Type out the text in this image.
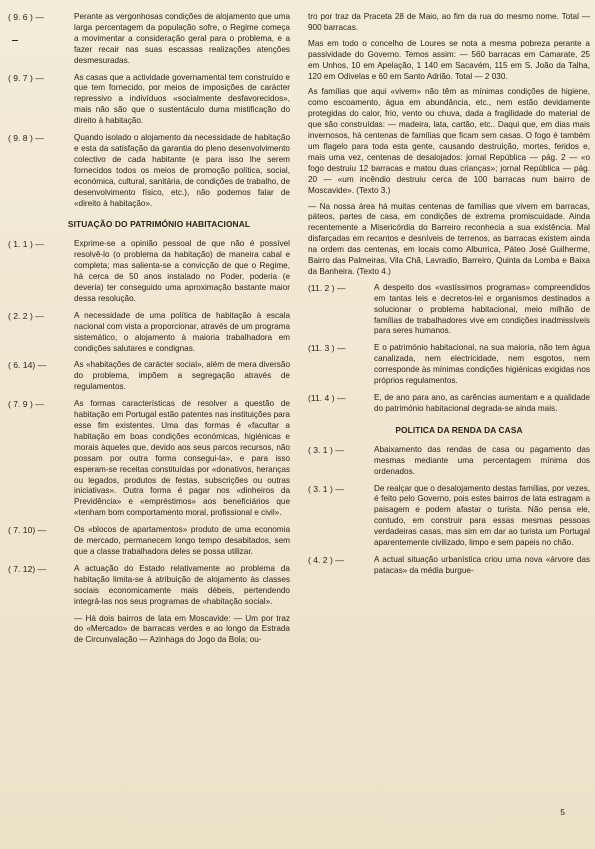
( 9. 6 ) —	Perante as vergonhosas condições de alojamento que uma larga percentagem da população sofre, o Regime começa a movimentar a consideração geral para o problema, e a fazer recair nas suas escassas realizações atenções desmesuradas.
( 9. 7 ) —	As casas que a actividade governamental tem construído e que tem fornecido, por meios de imposições de carácter repressivo a indivíduos «socialmente desfavorecidos», mais não são que o sustentáculo duma mistificação do direito à habitação.
( 9. 8 ) —	Quando isolado o alojamento da necessidade de habitação e esta da satisfação da garantia do pleno desenvolvimento colectivo de cada habitante (e para isso lhe serem fornecidos todos os meios de promoção política, social, económica, cultural, sanitária, de condições de trabalho, de desenvolvimento físico, etc.), não podemos falar de «direito à habitação».
SITUAÇÃO DO PATRIMÓNIO HABITACIONAL
( 1. 1 ) —	Exprime-se a opinião pessoal de que não é possível resolvê-lo (o problema da habitação) de maneira cabal e completa; mas salienta-se a convicção de que o Regime, há cerca de 50 anos instalado no Poder, poderia (e deveria) ter conseguido uma aproximação bastante maior dessa resolução.
( 2. 2 ) —	A necessidade de uma política de habitação à escala nacional com vista a proporcionar, através de um programa sistemático, o alojamento à maioria trabalhadora em condições salutares e condignas.
( 6. 14) —	As «habitações de carácter social», além de mera diversão do problema, impõem a segregação através de regulamentos.
( 7. 9 ) —	As formas características de resolver a questão de habitação em Portugal estão patentes nas instituições para esse fim existentes. Uma das formas é «facultar a habitação em boas condições económicas, higiénicas e morais àqueles que, devido aos seus parcos recursos, não possam por outra forma consegui-la», e para isso esperam-se receitas constituídas por «donativos, heranças ou legados, produtos de festas, subscrições ou outras iniciativas». Outra forma é pagar nos «dinheiros da Previdência» e «empréstimos» aos beneficiários que «tenham bom comportamento moral, profissional e civil».
( 7. 10) —	Os «blocos de apartamentos» produto de uma economia de mercado, permanecem longo tempo desabitados, sem que a classe trabalhadora deles se possa utilizar.
( 7. 12) —	A actuação do Estado relativamente ao problema da habitação limita-se à atribuição de alojamento às classes sociais economicamente mais débeis, pertendendo integrá-las nos seus programas de «habitação social».
— Há dois bairros de lata em Moscavide: — Um por traz do «Mercado» de barracas verdes e ao longo da Estrada de Circunvalação — Azinhaga do Jogo da Bola; ou-
tro por traz da Praceta 28 de Maio, ao fim da rua do mesmo nome. Total — 900 barracas.
Mas em todo o concelho de Loures se nota a mesma pobreza perante a passividade do Governo. Temos assim: — 560 barracas em Camarate, 25 em Unhos, 10 em Apelação, 1 140 em Sacavém, 115 em S. João da Talha, 120 em Odivelas e 60 em Santo Adrião. Total — 2 030.
As famílias que aqui «vivem» não têm as mínimas condições de higiene, como escoamento, água em abundância, etc., nem estão devidamente protegidas do calor, frio, vento ou chuva, dada a fragilidade do material de que são construídas: — madeira, lata, cartão, etc.. Daqui que, em dias mais invernosos, há centenas de famílias que ficam sem casas. O fogo é também um flagelo para toda esta gente, causando destruição, mortes, feridos e, mais uma vez, centenas de desalojados: jornal República — pág. 2 — «o fogo destruiu 12 barracas e matou duas crianças»; jornal República — pág. 20 — «um incêndio destruiu cerca de 100 barracas num bairro de Moscavide». (Texto 3.)
— Na nossa área há muitas centenas de famílias que vivem em barracas, páteos, partes de casa, em condições de extrema promiscuidade. Ainda recentemente a Misericórdia do Barreiro reconhecia a sua existência. Mal disfarçadas em recantos e desníveis de terrenos, as barracas existem ainda na ordem das centenas, em locais como Alburrica, Páteo José Guilherme, Bairro das Palmeiras, Vila Chã, Lavradio, Barreiro, Quinta da Lomba e Baixa da Banheira. (Texto 4.)
(11. 2 ) —	A despeito dos «vastíssimos programas» compreendidos em tantas leis e decretos-lei e organismos destinados a solucionar o problema habitacional, meio milhão de famílias de trabalhadores vive em condições inadmissíveis para seres humanos.
(11. 3 ) —	E o património habitacional, na sua maioria, não tem água canalizada, nem electricidade, nem esgotos, nem corresponde às mínimas condições higiénicas exigidas nos próprios regulamentos.
(11. 4 ) —	E, de ano para ano, as carências aumentam e a qualidade do património habitacional degrada-se ainda mais.
POLITICA DA RENDA DA CASA
( 3. 1 ) —	Abaixamento das rendas de casa ou pagamento das mesmas mediante uma percentagem mínima dos ordenados.
( 3. 1 ) —	De realçar que o desalojamento destas famílias, por vezes, é feito pelo Governo, pois estes bairros de lata estragam a paisagem e podem afastar o turista. Não pensa ele, contudo, em construir para essas mesmas pessoas verdadeiras casas, mas sim em dar ao turista um Portugal aparentemente civilizado, limpo e sem papeis no chão.
( 4. 2 ) —	A actual situação urbanística criou uma nova «árvore das patacas» da média burgue-
5
